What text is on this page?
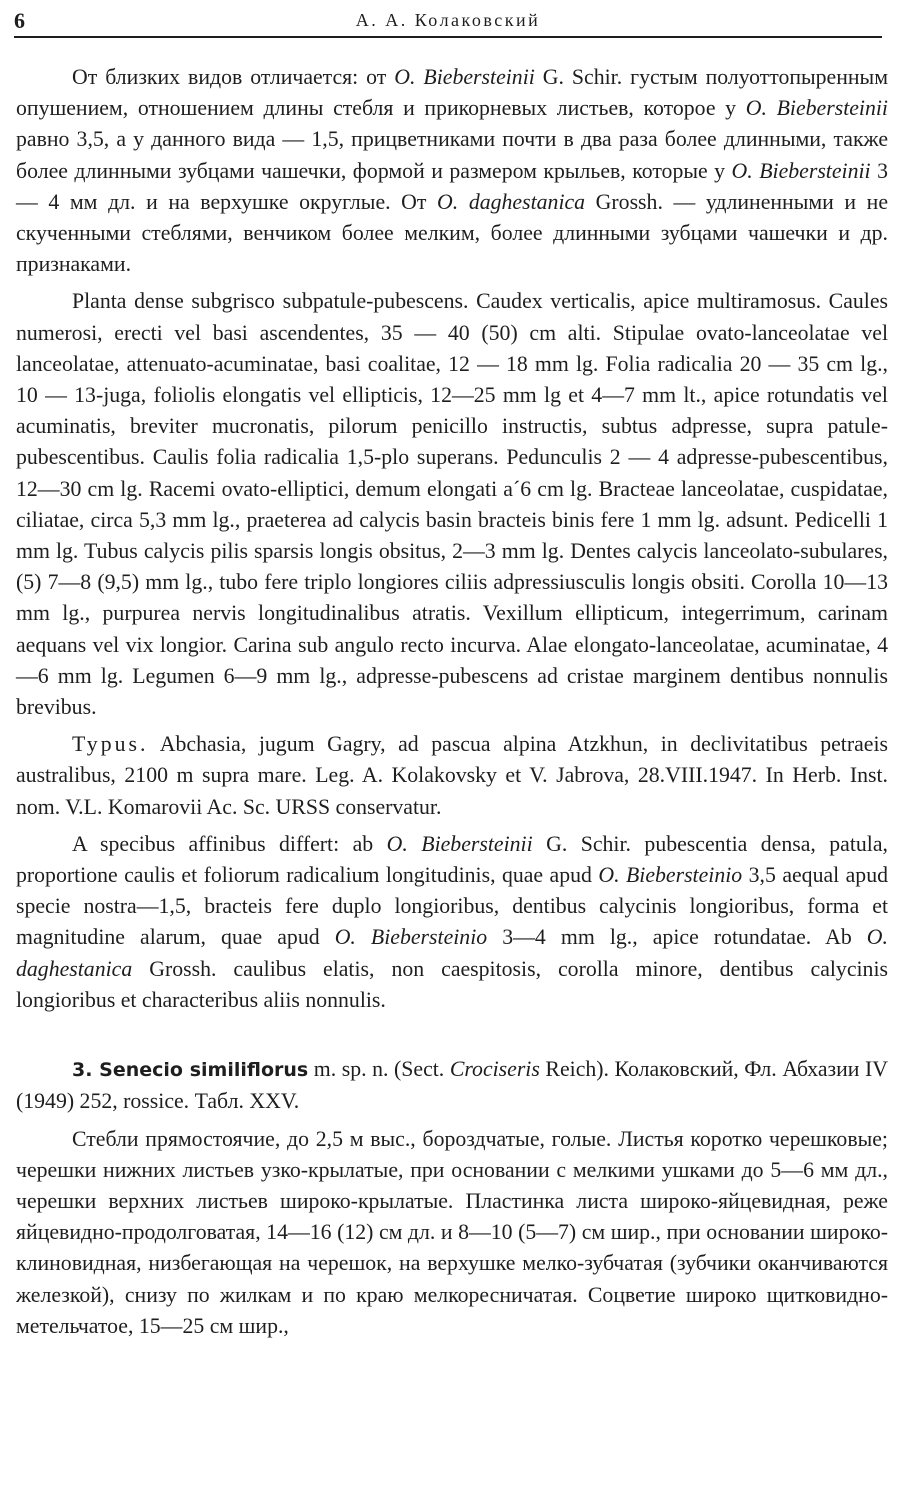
6	А. А. Колаковский

От близких видов отличается: от O. Biebersteinii G. Schir. густым полуоттопыренным опушением, отношением длины стебля и прикорневых листьев, которое у O. Biebersteinii равно 3,5, а у данного вида — 1,5, прицветниками почти в два раза более длинными, также более длинными зубцами чашечки, формой и размером крыльев, которые у O. Biebersteinii 3 — 4 мм дл. и на верхушке округлые. От O. daghestanica Grossh. — удлиненными и не скученными стеблями, венчиком более мелким, более длинными зубцами чашечки и др. признаками.

Planta dense subgrisco subpatule-pubescens. Caudex verticalis, apice multiramosus. Caules numerosi, erecti vel basi ascendentes, 35 — 40 (50) cm alti. Stipulae ovato-lanceolatae vel lanceolatae, attenuato-acuminatae, basi coalitae, 12 — 18 mm lg. Folia radicalia 20 — 35 cm lg., 10 — 13-juga, foliolis elongatis vel ellipticis, 12—25 mm lg et 4—7 mm lt., apice rotundatis vel acuminatis, breviter mucronatis, pilorum penicillo instructis, subtus adpresse, supra patule-pubescentibus. Caulis folia radicalia 1,5-plo superans. Pedunculis 2 — 4 adpresse-pubescentibus, 12—30 cm lg. Racemi ovato-elliptici, demum elongati a´6 cm lg. Bracteae lanceolatae, cuspidatae, ciliatae, circa 5,3 mm lg., praeterea ad calycis basin bracteis binis fere 1 mm lg. adsunt. Pedicelli 1 mm lg. Tubus calycis pilis sparsis longis obsitus, 2—3 mm lg. Dentes calycis lanceolato-subulares, (5) 7—8 (9,5) mm lg., tubo fere triplo longiores ciliis adpressiusculis longis obsiti. Corolla 10—13 mm lg., purpurea nervis longitudinalibus atratis. Vexillum ellipticum, integerrimum, carinam aequans vel vix longior. Carina sub angulo recto incurva. Alae elongato-lanceolatae, acuminatae, 4—6 mm lg. Legumen 6—9 mm lg., adpresse-pubescens ad cristae marginem dentibus nonnulis brevibus.

Typus. Abchasia, jugum Gagry, ad pascua alpina Atzkhun, in declivitatibus petraeis australibus, 2100 m supra mare. Leg. A. Kolakovsky et V. Jabrova, 28.VIII.1947. In Herb. Inst. nom. V.L. Komarovii Ac. Sc. URSS conservatur.

A specibus affinibus differt: ab O. Biebersteinii G. Schir. pubescentia densa, patula, proportione caulis et foliorum radicalium longitudinis, quae apud O. Biebersteinio 3,5 aequal apud specie nostra—1,5, bracteis fere duplo longioribus, dentibus calycinis longioribus, forma et magnitudine alarum, quae apud O. Biebersteinio 3—4 mm lg., apice rotundatae. Ab O. daghestanica Grossh. caulibus elatis, non caespitosis, corolla minore, dentibus calycinis longioribus et characteribus aliis nonnulis.

3. Senecio similiflorus m. sp. n. (Sect. Crociseris Reich). Колаковский, Фл. Абхазии IV (1949) 252, rossice. Табл. XXV.

Стебли прямостоячие, до 2,5 м выс., бороздчатые, голые. Листья коротко черешковые; черешки нижних листьев узко-крылатые, при основании с мелкими ушками до 5—6 мм дл., черешки верхних листьев широко-крылатые. Пластинка листа широко-яйцевидная, реже яйцевидно-продолговатая, 14—16 (12) см дл. и 8—10 (5—7) см шир., при основании широко-клиновидная, низбегающая на черешок, на верхушке мелко-зубчатая (зубчики оканчиваются железкой), снизу по жилкам и по краю мелкоресничатая. Соцветие широко щитковидно-метельчатое, 15—25 см шир.,
